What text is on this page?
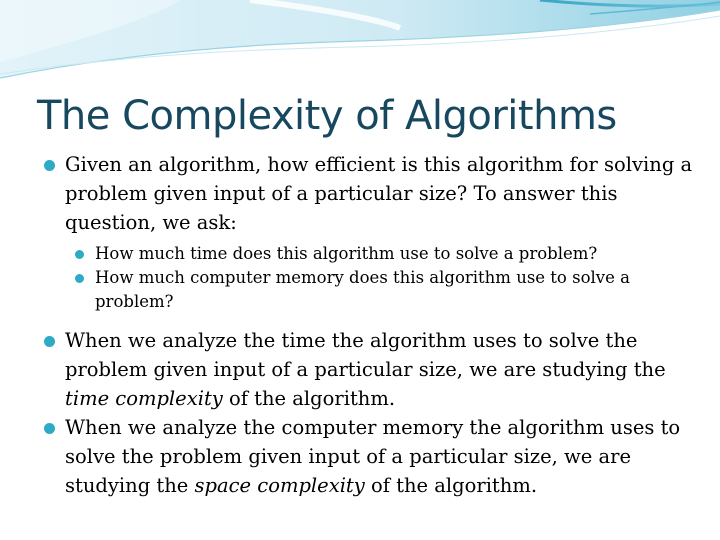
The Complexity of Algorithms

Given an algorithm, how efficient is this algorithm for solving a problem given input of a particular size? To answer this question, we ask:

How much time does this algorithm use to solve a problem?
How much computer memory does this algorithm use to solve a problem?

When we analyze the time the algorithm uses to solve the problem given input of a particular size, we are studying the time complexity of the algorithm.

When we analyze the computer memory the algorithm uses to solve the problem given input of a particular size, we are studying the space complexity of the algorithm.
